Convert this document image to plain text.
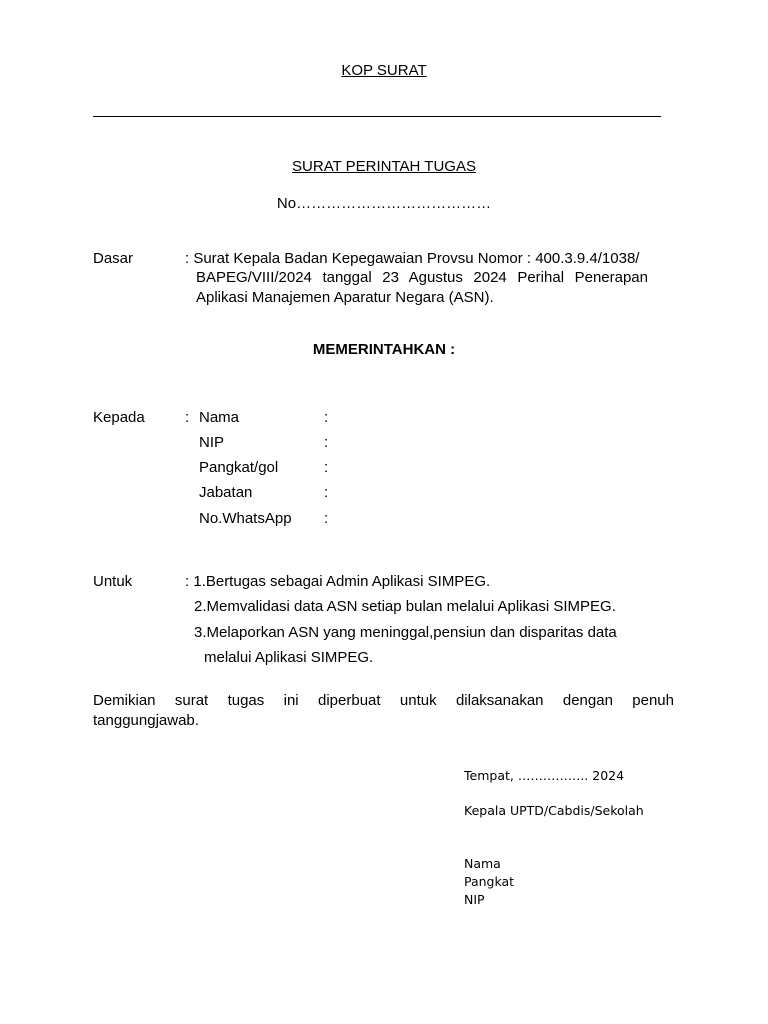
KOP SURAT
SURAT PERINTAH TUGAS
No…………………………………
Dasar	: Surat Kepala Badan Kepegawaian Provsu Nomor : 400.3.9.4/1038/
BAPEG/VIII/2024 tanggal 23 Agustus 2024 Perihal Penerapan
Aplikasi Manajemen Aparatur Negara (ASN).
MEMERINTAHKAN :
Kepada	: Nama	:
NIP	:
Pangkat/gol	:
Jabatan	:
No.WhatsApp :
Untuk	: 1.Bertugas sebagai Admin Aplikasi SIMPEG.
2.Memvalidasi data ASN setiap bulan melalui Aplikasi SIMPEG.
3.Melaporkan ASN yang meninggal,pensiun dan disparitas data
melalui Aplikasi SIMPEG.
Demikian surat tugas ini diperbuat untuk dilaksanakan dengan penuh
tanggungjawab.
Tempat, …………….. 2024
Kepala UPTD/Cabdis/Sekolah
Nama
Pangkat
NIP
